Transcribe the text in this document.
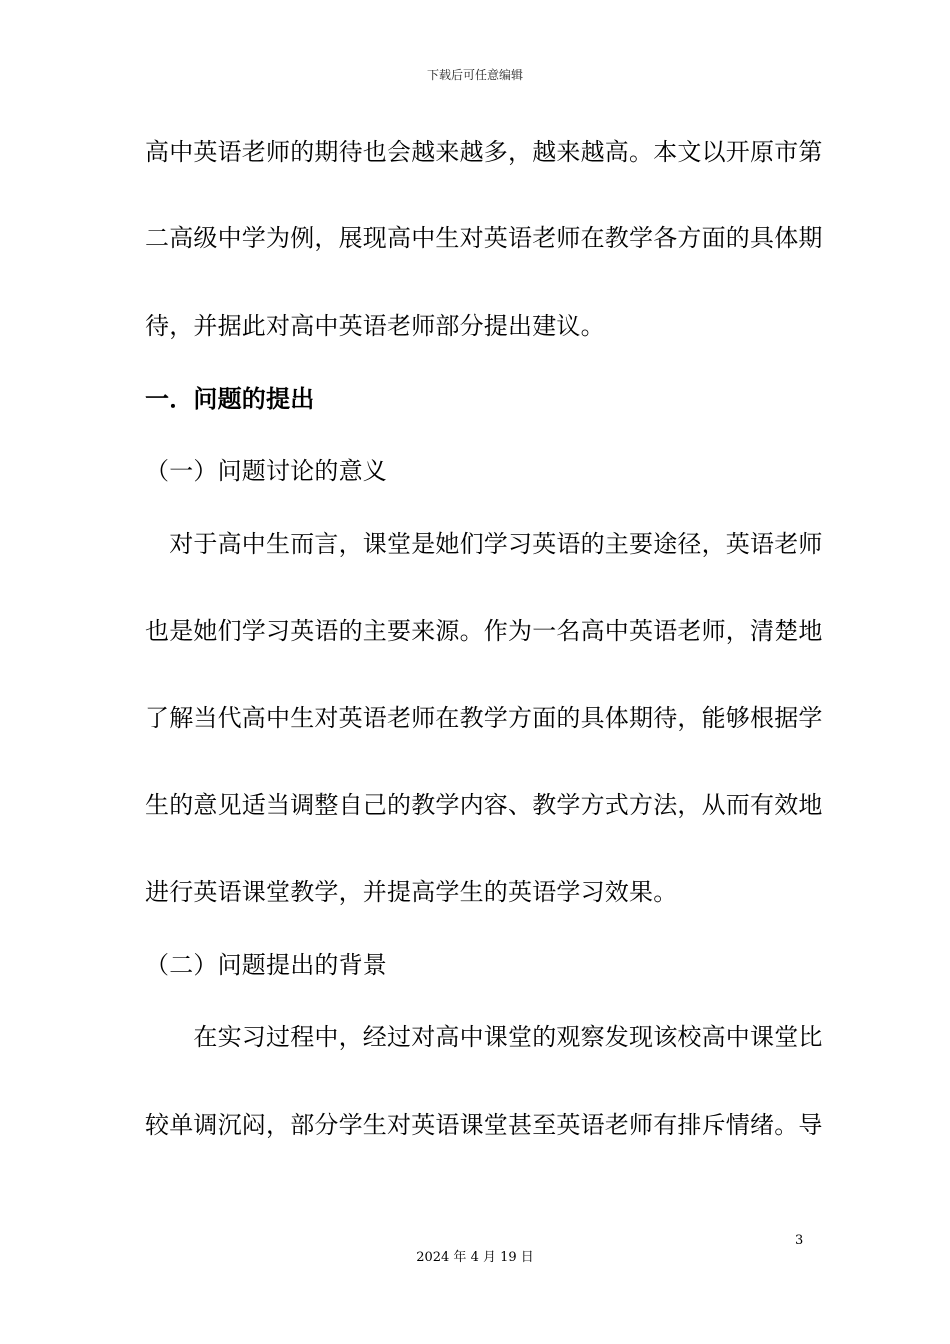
下载后可任意编辑
高中英语老师的期待也会越来越多，越来越高。本文以开原市第
二高级中学为例，展现高中生对英语老师在教学各方面的具体期
待，并据此对高中英语老师部分提出建议。
一．问题的提出
（一）问题讨论的意义
　对于高中生而言，课堂是她们学习英语的主要途径，英语老师
也是她们学习英语的主要来源。作为一名高中英语老师，清楚地
了解当代高中生对英语老师在教学方面的具体期待，能够根据学
生的意见适当调整自己的教学内容、教学方式方法，从而有效地
进行英语课堂教学，并提高学生的英语学习效果。
（二）问题提出的背景
　　在实习过程中，经过对高中课堂的观察发现该校高中课堂比
较单调沉闷，部分学生对英语课堂甚至英语老师有排斥情绪。导
3
2024 年 4 月 19 日
